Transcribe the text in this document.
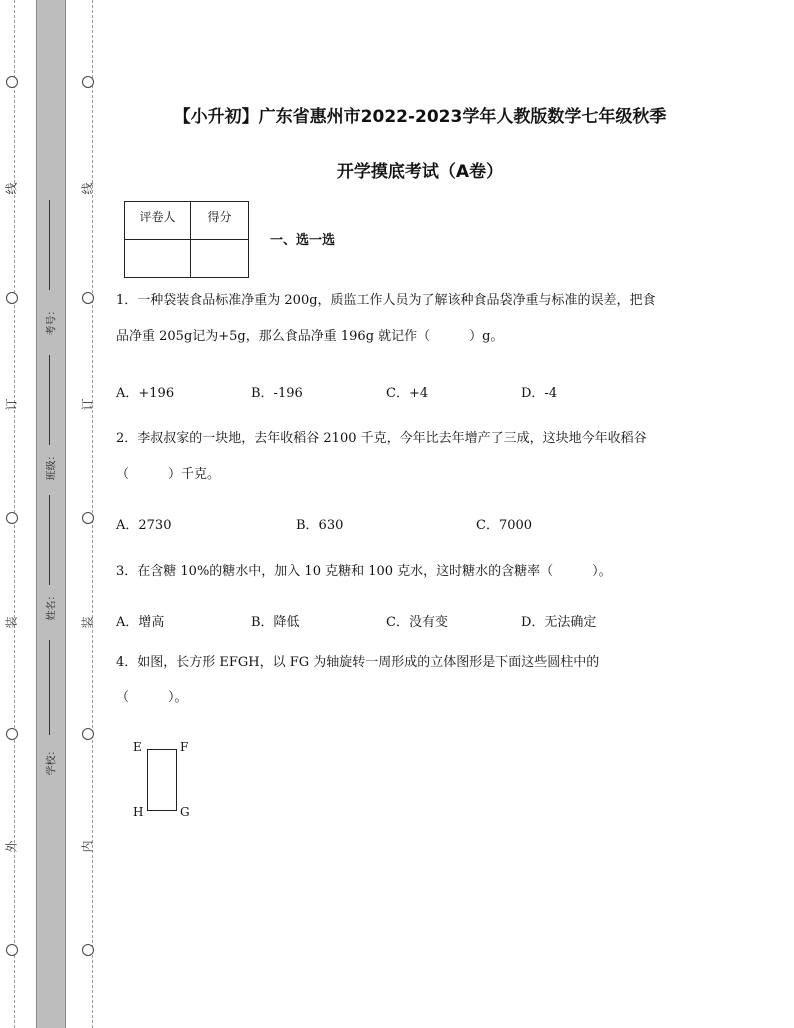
线
订
装
外
线
订
装
内
考号：
班级：
姓名：
学校：
【小升初】广东省惠州市2022-2023学年人教版数学七年级秋季
开学摸底考试（A卷）
评卷人	得分

一、选一选
1．一种袋装食品标准净重为 200g，质监工作人员为了解该种食品袋净重与标准的误差，把食
品净重 205g记为+5g，那么食品净重 196g 就记作（　　　）g。
A．+196	B．-196	C．+4	D．-4
2．李叔叔家的一块地，去年收稻谷 2100 千克，今年比去年增产了三成，这块地今年收稻谷
（　　　）千克。
A．2730	B．630	C．7000
3．在含糖 10%的糖水中，加入 10 克糖和 100 克水，这时糖水的含糖率（　　　）。
A．增高	B．降低	C．没有变	D．无法确定
4．如图，长方形 EFGH，以 FG 为轴旋转一周形成的立体图形是下面这些圆柱中的
（　　　）。
E	F
H	G
